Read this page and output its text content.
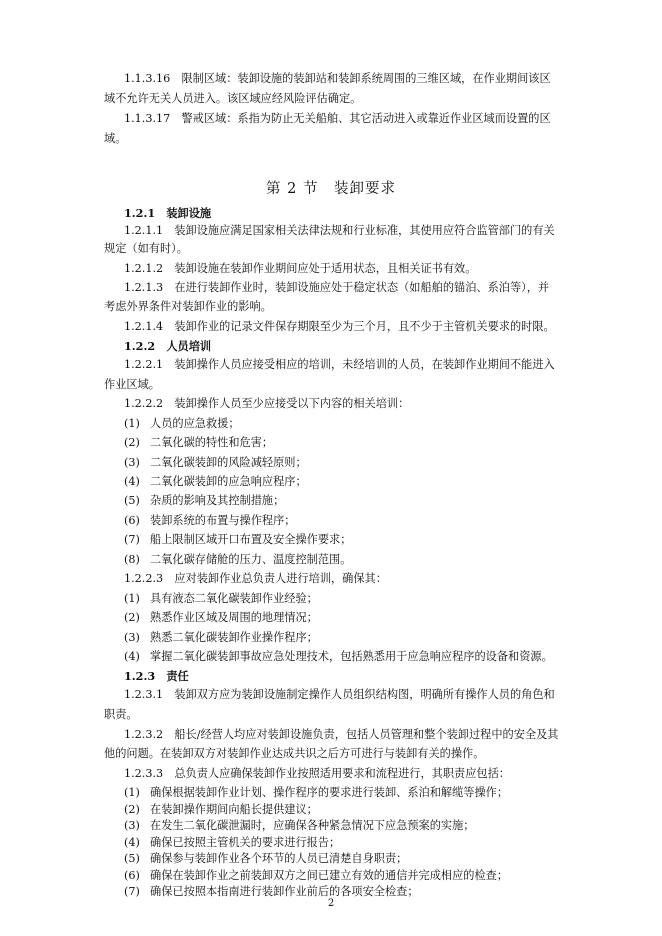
1.1.3.16　限制区域：装卸设施的装卸站和装卸系统周围的三维区域，在作业期间该区
域不允许无关人员进入。该区域应经风险评估确定。
1.1.3.17　警戒区域：系指为防止无关船舶、其它活动进入或靠近作业区域而设置的区
域。
第 2 节　装卸要求
1.2.1　装卸设施
1.2.1.1　装卸设施应满足国家相关法律法规和行业标准，其使用应符合监管部门的有关
规定（如有时）。
1.2.1.2　装卸设施在装卸作业期间应处于适用状态，且相关证书有效。
1.2.1.3　在进行装卸作业时，装卸设施应处于稳定状态（如船舶的锚泊、系泊等），并
考虑外界条件对装卸作业的影响。
1.2.1.4　装卸作业的记录文件保存期限至少为三个月，且不少于主管机关要求的时限。
1.2.2　人员培训
1.2.2.1　装卸操作人员应接受相应的培训，未经培训的人员，在装卸作业期间不能进入
作业区域。
1.2.2.2　装卸操作人员至少应接受以下内容的相关培训：
(1) 人员的应急救援；
(2) 二氧化碳的特性和危害；
(3) 二氧化碳装卸的风险减轻原则；
(4) 二氧化碳装卸的应急响应程序；
(5) 杂质的影响及其控制措施；
(6) 装卸系统的布置与操作程序；
(7) 船上限制区域开口布置及安全操作要求；
(8) 二氧化碳存储舱的压力、温度控制范围。
1.2.2.3　应对装卸作业总负责人进行培训，确保其：
(1) 具有液态二氧化碳装卸作业经验；
(2) 熟悉作业区域及周围的地理情况；
(3) 熟悉二氧化碳装卸作业操作程序；
(4) 掌握二氧化碳装卸事故应急处理技术，包括熟悉用于应急响应程序的设备和资源。
1.2.3　责任
1.2.3.1　装卸双方应为装卸设施制定操作人员组织结构图，明确所有操作人员的角色和
职责。
1.2.3.2　船长/经营人均应对装卸设施负责，包括人员管理和整个装卸过程中的安全及其
他的问题。在装卸双方对装卸作业达成共识之后方可进行与装卸有关的操作。
1.2.3.3　总负责人应确保装卸作业按照适用要求和流程进行，其职责应包括：
(1) 确保根据装卸作业计划、操作程序的要求进行装卸、系泊和解缆等操作；
(2) 在装卸操作期间向船长提供建议；
(3) 在发生二氧化碳泄漏时，应确保各种紧急情况下应急预案的实施；
(4) 确保已按照主管机关的要求进行报告；
2
(5) 确保参与装卸作业各个环节的人员已清楚自身职责；
(6) 确保在装卸作业之前装卸双方之间已建立有效的通信并完成相应的检查；
(7) 确保已按照本指南进行装卸作业前后的各项安全检查；
